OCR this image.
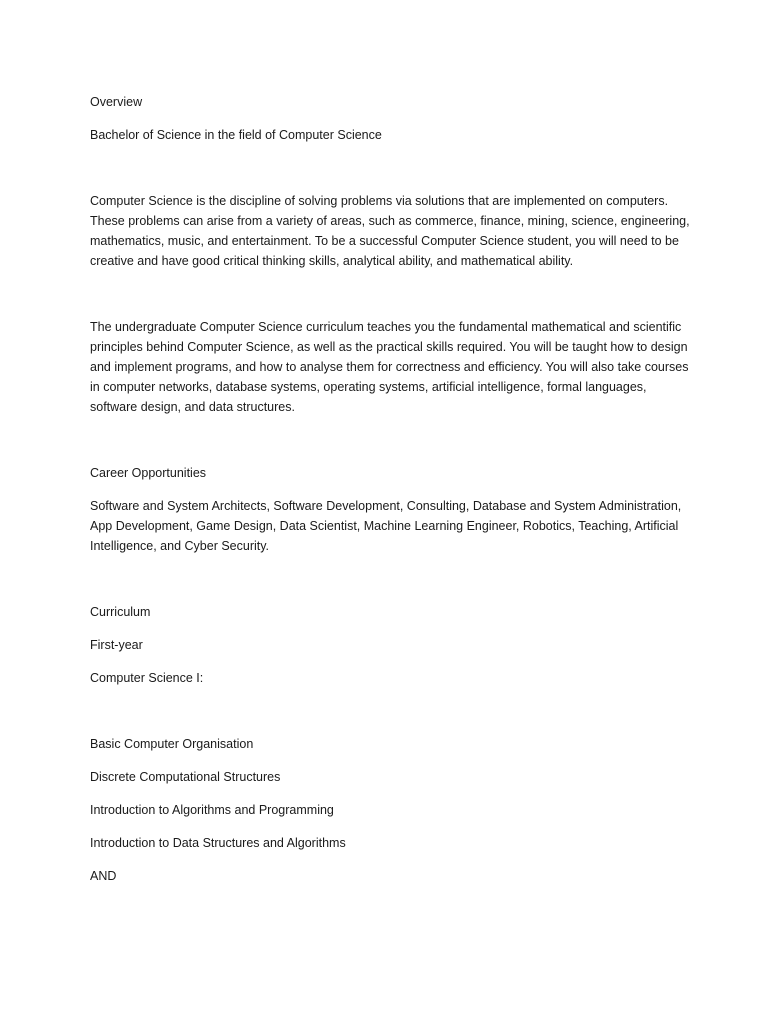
Overview

Bachelor of Science in the field of Computer Science

Computer Science is the discipline of solving problems via solutions that are implemented on computers. These problems can arise from a variety of areas, such as commerce, finance, mining, science, engineering, mathematics, music, and entertainment. To be a successful Computer Science student, you will need to be creative and have good critical thinking skills, analytical ability, and mathematical ability.

The undergraduate Computer Science curriculum teaches you the fundamental mathematical and scientific principles behind Computer Science, as well as the practical skills required. You will be taught how to design and implement programs, and how to analyse them for correctness and efficiency. You will also take courses in computer networks, database systems, operating systems, artificial intelligence, formal languages, software design, and data structures.

Career Opportunities

Software and System Architects, Software Development, Consulting, Database and System Administration, App Development, Game Design, Data Scientist, Machine Learning Engineer, Robotics, Teaching, Artificial Intelligence, and Cyber Security.

Curriculum

First-year

Computer Science I:

Basic Computer Organisation

Discrete Computational Structures

Introduction to Algorithms and Programming

Introduction to Data Structures and Algorithms

AND
